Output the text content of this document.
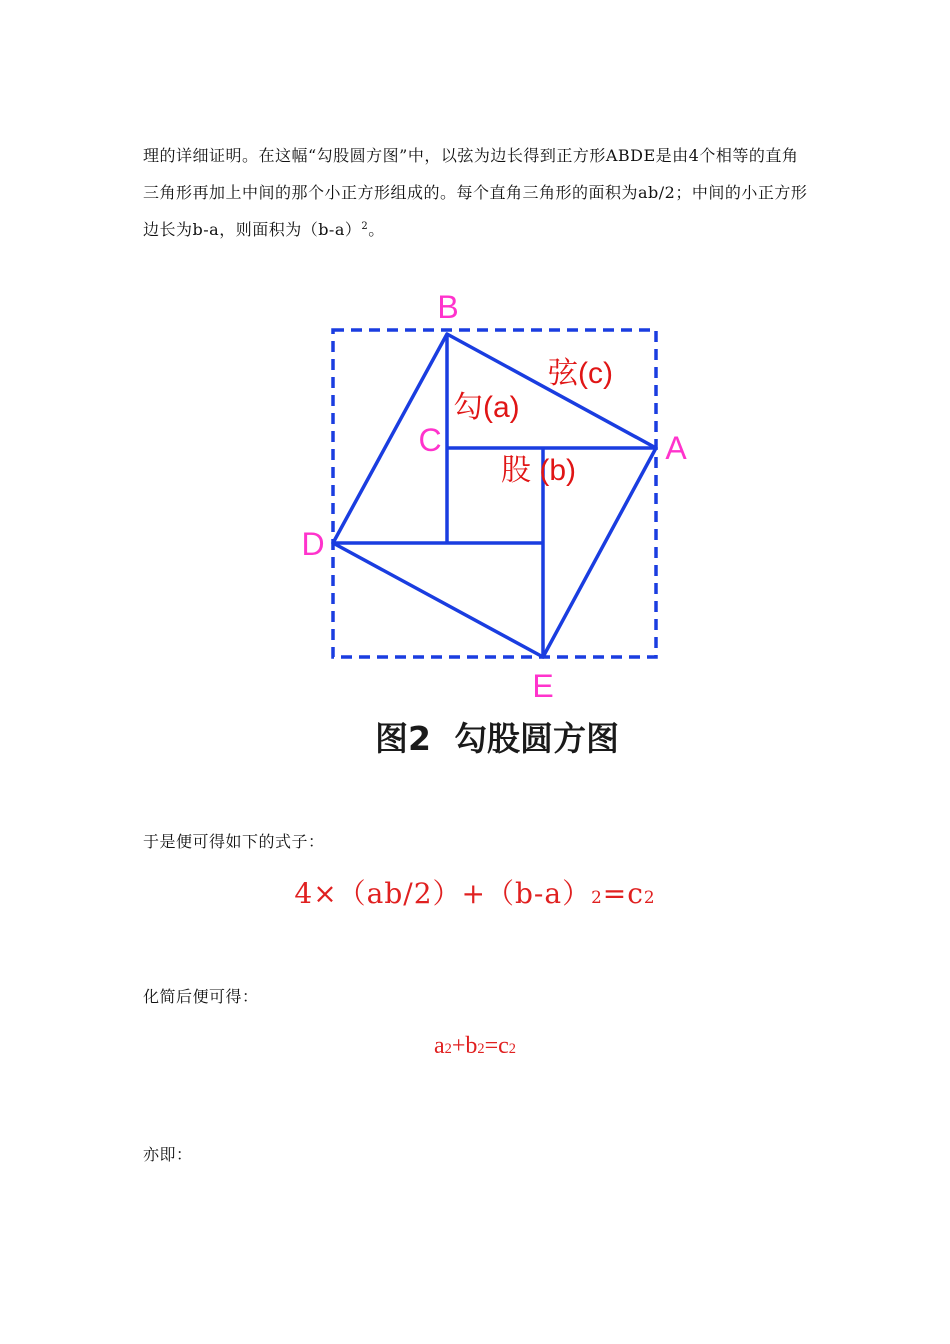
理的详细证明。在这幅“勾股圆方图”中，以弦为边长得到正方形ABDE是由4个相等的直角三角形再加上中间的那个小正方形组成的。每个直角三角形的面积为ab/2；中间的小正方形边长为b-a，则面积为$(b-a)^2$。

B
A
C
D
E
弦(c)
勾(a)
股 (b)
图2  勾股圆方图

于是便可得如下的式子：

$4\times(ab/2)+(b-a)^2=c^2$

化简后便可得：

$a^2+b^2=c^2$

亦即：
